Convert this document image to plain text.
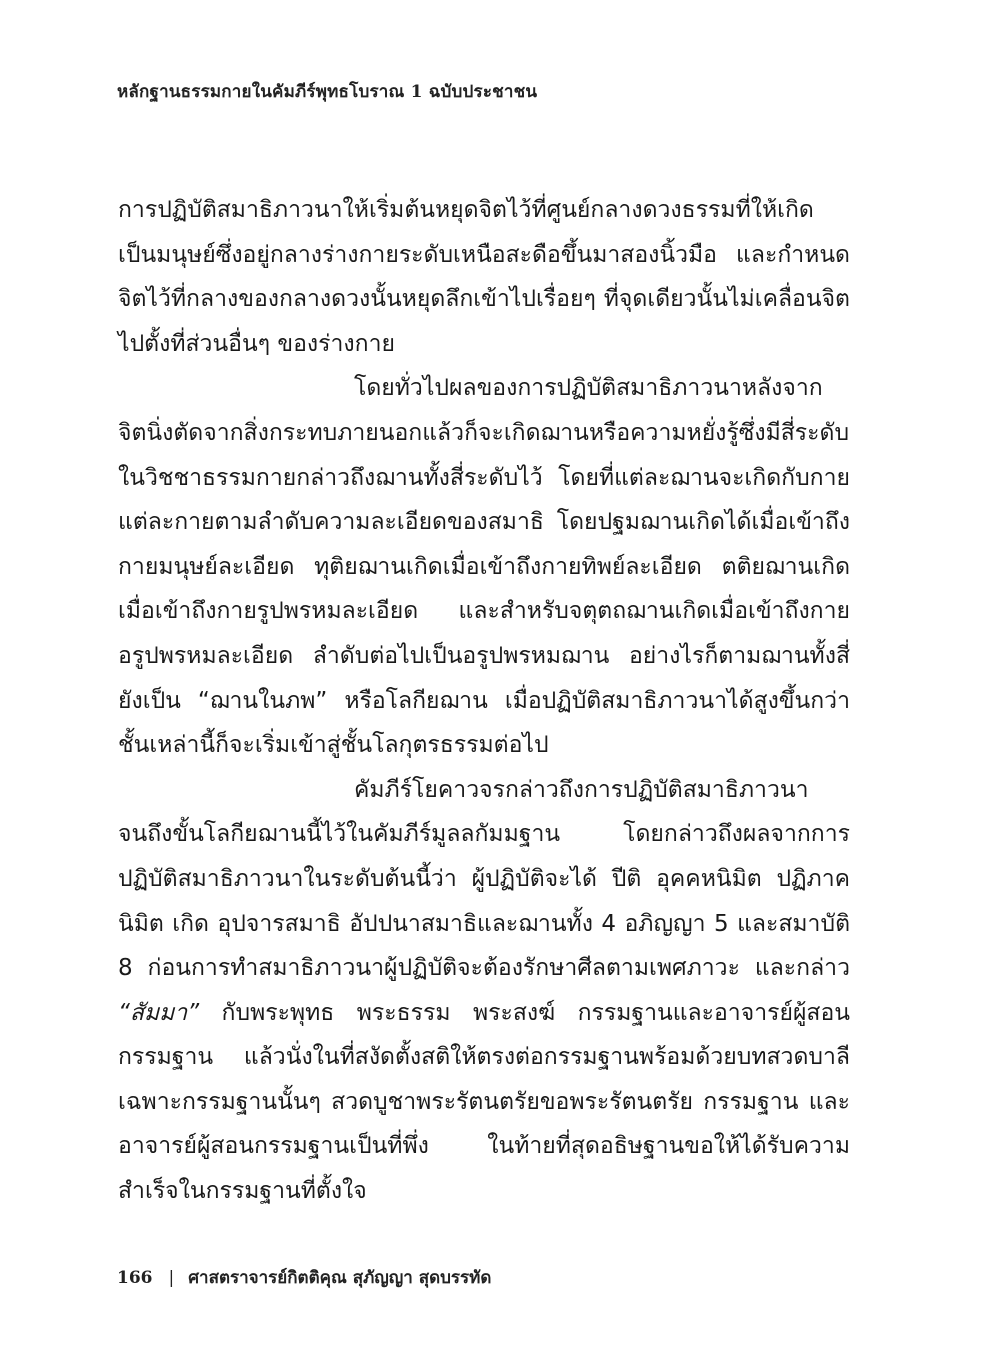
หลักฐานธรรมกายในคัมภีร์พุทธโบราณ 1 ฉบับประชาชน

การปฏิบัติสมาธิภาวนาให้เริ่มต้นหยุดจิตไว้ที่ศูนย์กลางดวงธรรมที่ให้เกิดเป็นมนุษย์ซึ่งอยู่กลางร่างกายระดับเหนือสะดือขึ้นมาสองนิ้วมือ และกำหนดจิตไว้ที่กลางของกลางดวงนั้นหยุดลึกเข้าไปเรื่อยๆ ที่จุดเดียวนั้นไม่เคลื่อนจิตไปตั้งที่ส่วนอื่นๆ ของร่างกาย

โดยทั่วไปผลของการปฏิบัติสมาธิภาวนาหลังจากจิตนิ่งตัดจากสิ่งกระทบภายนอกแล้วก็จะเกิดฌานหรือความหยั่งรู้ซึ่งมีสี่ระดับ ในวิชชาธรรมกายกล่าวถึงฌานทั้งสี่ระดับไว้ โดยที่แต่ละฌานจะเกิดกับกายแต่ละกายตามลำดับความละเอียดของสมาธิ โดยปฐมฌานเกิดได้เมื่อเข้าถึงกายมนุษย์ละเอียด ทุติยฌานเกิดเมื่อเข้าถึงกายทิพย์ละเอียด ตติยฌานเกิดเมื่อเข้าถึงกายรูปพรหมละเอียด และสำหรับจตุตถฌานเกิดเมื่อเข้าถึงกายอรูปพรหมละเอียด ลำดับต่อไปเป็นอรูปพรหมฌาน อย่างไรก็ตามฌานทั้งสี่ยังเป็น “ฌานในภพ” หรือโลกียฌาน เมื่อปฏิบัติสมาธิภาวนาได้สูงขึ้นกว่าชั้นเหล่านี้ก็จะเริ่มเข้าสู่ชั้นโลกุตรธรรมต่อไป

คัมภีร์โยคาวจรกล่าวถึงการปฏิบัติสมาธิภาวนาจนถึงขั้นโลกียฌานนี้ไว้ในคัมภีร์มูลลกัมมฐาน โดยกล่าวถึงผลจากการปฏิบัติสมาธิภาวนาในระดับต้นนี้ว่า ผู้ปฏิบัติจะได้ ปีติ อุคคหนิมิต ปฏิภาคนิมิต เกิด อุปจารสมาธิ อัปปนาสมาธิและฌานทั้ง 4 อภิญญา 5 และสมาบัติ 8 ก่อนการทำสมาธิภาวนาผู้ปฏิบัติจะต้องรักษาศีลตามเพศภาวะ และกล่าว “สัมมา” กับพระพุทธ พระธรรม พระสงฆ์ กรรมฐานและอาจารย์ผู้สอนกรรมฐาน แล้วนั่งในที่สงัดตั้งสติให้ตรงต่อกรรมฐานพร้อมด้วยบทสวดบาลีเฉพาะกรรมฐานนั้นๆ สวดบูชาพระรัตนตรัยขอพระรัตนตรัย กรรมฐาน และอาจารย์ผู้สอนกรรมฐานเป็นที่พึ่ง ในท้ายที่สุดอธิษฐานขอให้ได้รับความสำเร็จในกรรมฐานที่ตั้งใจ

166 | ศาสตราจารย์กิตติคุณ สุภัญญา สุดบรรทัด
